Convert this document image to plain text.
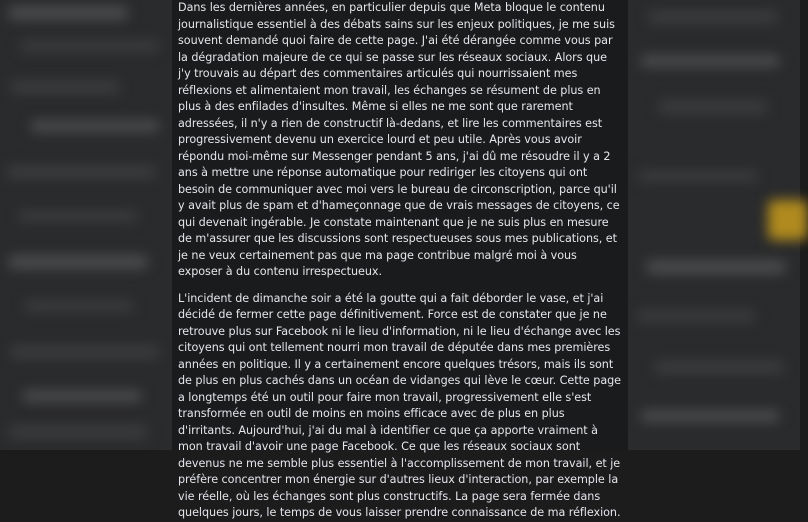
Dans les dernières années, en particulier depuis que Meta bloque le contenu journalistique essentiel à des débats sains sur les enjeux politiques, je me suis souvent demandé quoi faire de cette page. J'ai été dérangée comme vous par la dégradation majeure de ce qui se passe sur les réseaux sociaux. Alors que j'y trouvais au départ des commentaires articulés qui nourrissaient mes réflexions et alimentaient mon travail, les échanges se résument de plus en plus à des enfilades d'insultes. Même si elles ne me sont que rarement adressées, il n'y a rien de constructif là-dedans, et lire les commentaires est progressivement devenu un exercice lourd et peu utile. Après vous avoir répondu moi-même sur Messenger pendant 5 ans, j'ai dû me résoudre il y a 2 ans à mettre une réponse automatique pour rediriger les citoyens qui ont besoin de communiquer avec moi vers le bureau de circonscription, parce qu'il y avait plus de spam et d'hameçonnage que de vrais messages de citoyens, ce qui devenait ingérable. Je constate maintenant que je ne suis plus en mesure de m'assurer que les discussions sont respectueuses sous mes publications, et je ne veux certainement pas que ma page contribue malgré moi à vous exposer à du contenu irrespectueux.

L'incident de dimanche soir a été la goutte qui a fait déborder le vase, et j'ai décidé de fermer cette page définitivement. Force est de constater que je ne retrouve plus sur Facebook ni le lieu d'information, ni le lieu d'échange avec les citoyens qui ont tellement nourri mon travail de députée dans mes premières années en politique. Il y a certainement encore quelques trésors, mais ils sont de plus en plus cachés dans un océan de vidanges qui lève le cœur. Cette page a longtemps été un outil pour faire mon travail, progressivement elle s'est transformée en outil de moins en moins efficace avec de plus en plus d'irritants. Aujourd'hui, j'ai du mal à identifier ce que ça apporte vraiment à mon travail d'avoir une page Facebook. Ce que les réseaux sociaux sont devenus ne me semble plus essentiel à l'accomplissement de mon travail, et je préfère concentrer mon énergie sur d'autres lieux d'interaction, par exemple la vie réelle, où les échanges sont plus constructifs. La page sera fermée dans quelques jours, le temps de vous laisser prendre connaissance de ma réflexion.
